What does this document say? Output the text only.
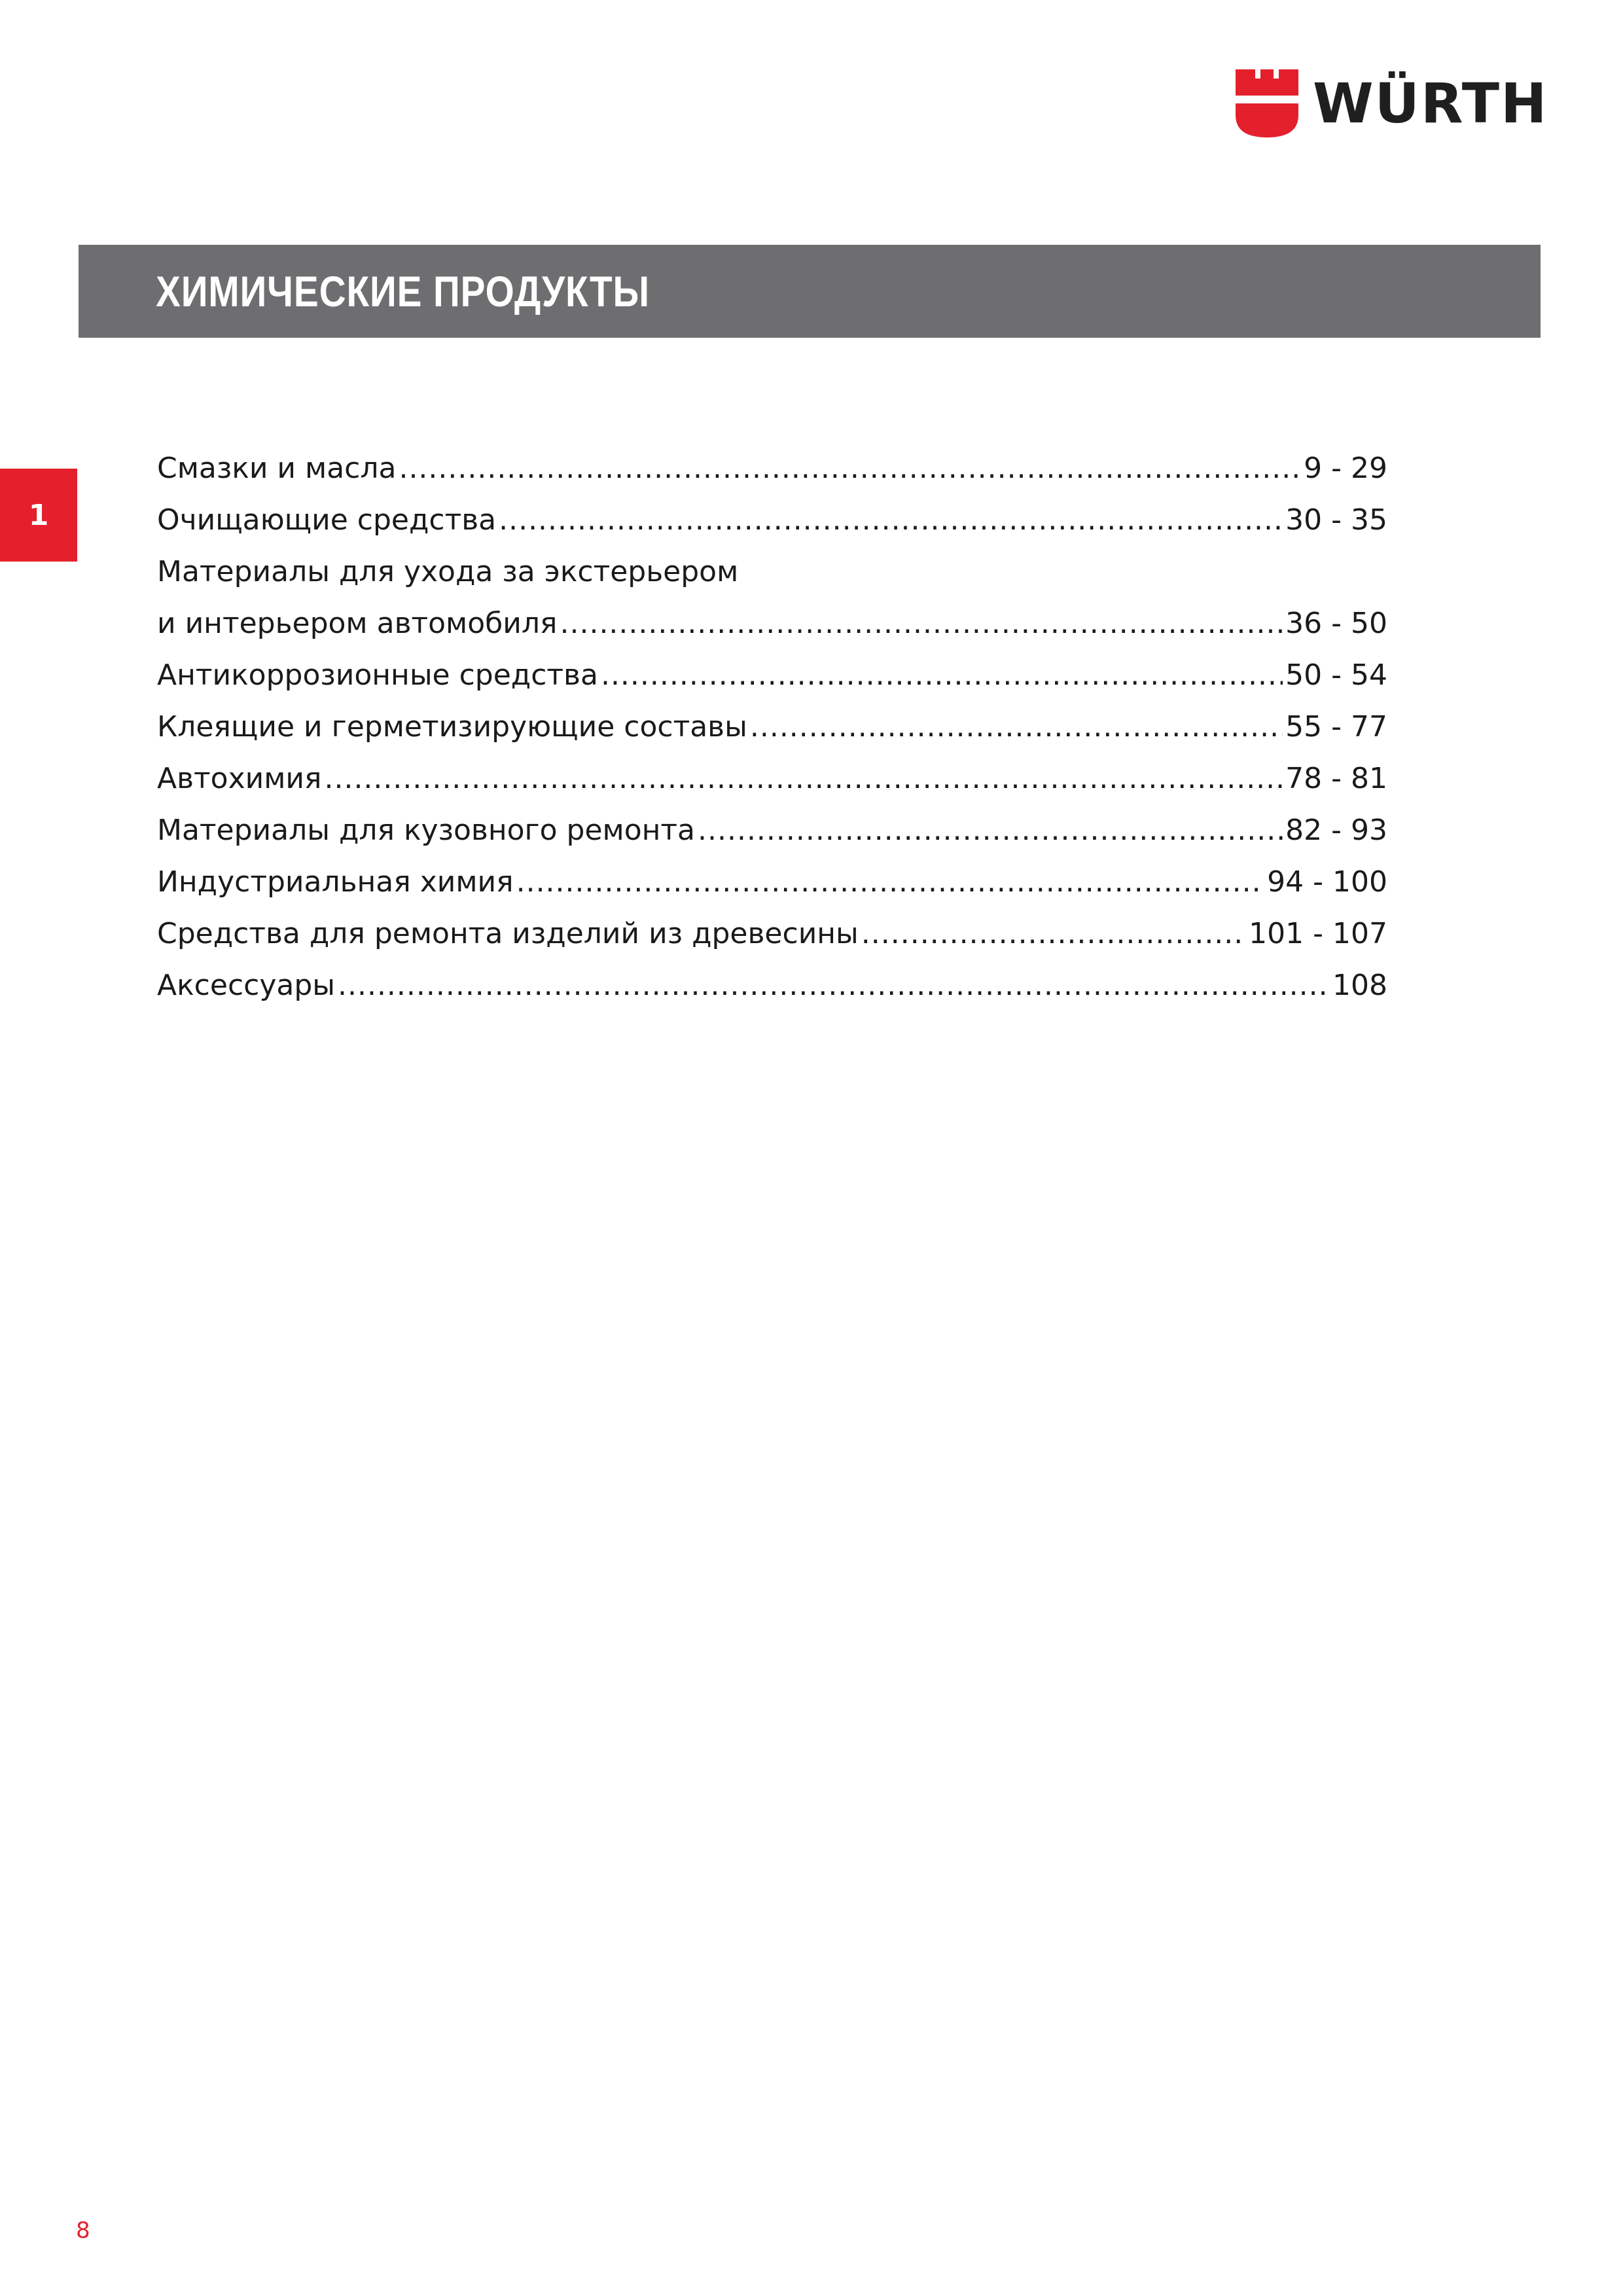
WÜRTH
ХИМИЧЕСКИЕ ПРОДУКТЫ
1
Смазки и масла .....	9 - 29
Очищающие средства .....	30 - 35
Материалы для ухода за экстерьером
и интерьером автомобиля .....	36 - 50
Антикоррозионные средства .....	50 - 54
Клеящие и герметизирующие составы .....	55 - 77
Автохимия .....	78 - 81
Материалы для кузовного ремонта .....	82 - 93
Индустриальная химия .....	94 - 100
Средства для ремонта изделий из древесины .....	101 - 107
Аксессуары .....	108
8
